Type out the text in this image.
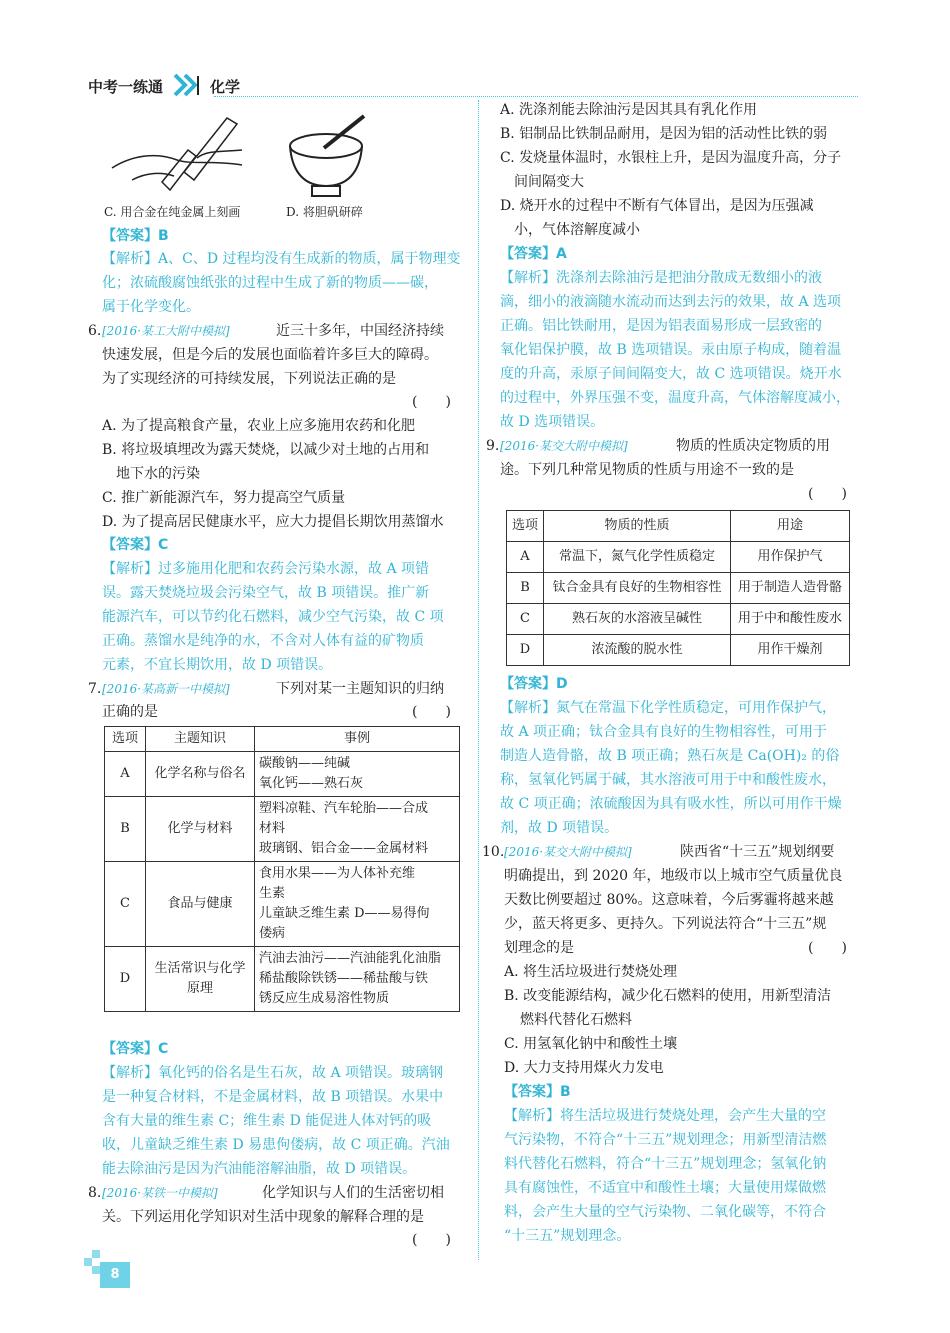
中考一练通	化学
C. 用合金在纯金属上刻画	D. 将胆矾研碎
【答案】B
【解析】A、C、D 过程均没有生成新的物质，属于物理变
化；浓硫酸腐蚀纸张的过程中生成了新的物质——碳，
属于化学变化。
6. [2016·某工大附中模拟]	近三十多年，中国经济持续
快速发展，但是今后的发展也面临着许多巨大的障碍。
为了实现经济的可持续发展，下列说法正确的是
(　　)
A. 为了提高粮食产量，农业上应多施用农药和化肥
B. 将垃圾填埋改为露天焚烧，以减少对土地的占用和
地下水的污染
C. 推广新能源汽车，努力提高空气质量
D. 为了提高居民健康水平，应大力提倡长期饮用蒸馏水
【答案】C
【解析】过多施用化肥和农药会污染水源，故 A 项错
误。露天焚烧垃圾会污染空气，故 B 项错误。推广新
能源汽车，可以节约化石燃料，减少空气污染，故 C 项
正确。蒸馏水是纯净的水，不含对人体有益的矿物质
元素，不宜长期饮用，故 D 项错误。
7. [2016·某高新一中模拟]	下列对某一主题知识的归纳
正确的是	(　　)
选项	主题知识	事例
A	化学名称与俗名	碳酸钠——纯碱
氧化钙——熟石灰

B	化学与材料	塑料凉鞋、汽车轮胎——合成
材料
玻璃钢、铝合金——金属材料

C	食品与健康	食用水果——为人体补充维
生素
儿童缺乏维生素 D——易得佝
偻病

D	生活常识与化学原理	汽油去油污——汽油能乳化油脂
稀盐酸除铁锈——稀盐酸与铁
锈反应生成易溶性物质
【答案】C
【解析】氧化钙的俗名是生石灰，故 A 项错误。玻璃钢
是一种复合材料，不是金属材料，故 B 项错误。水果中
含有大量的维生素 C；维生素 D 能促进人体对钙的吸
收，儿童缺乏维生素 D 易患佝偻病，故 C 项正确。汽油
能去除油污是因为汽油能溶解油脂，故 D 项错误。
8. [2016·某铁一中模拟]	化学知识与人们的生活密切相
关。下列运用化学知识对生活中现象的解释合理的是
(　　)
A. 洗涤剂能去除油污是因其具有乳化作用
B. 铝制品比铁制品耐用，是因为铝的活动性比铁的弱
C. 发烧量体温时，水银柱上升，是因为温度升高，分子
间间隔变大
D. 烧开水的过程中不断有气体冒出，是因为压强减
小，气体溶解度减小
【答案】A
【解析】洗涤剂去除油污是把油分散成无数细小的液
滴，细小的液滴随水流动而达到去污的效果，故 A 选项
正确。铝比铁耐用，是因为铝表面易形成一层致密的
氧化铝保护膜，故 B 选项错误。汞由原子构成，随着温
度的升高，汞原子间间隔变大，故 C 选项错误。烧开水
的过程中，外界压强不变，温度升高，气体溶解度减小，
故 D 选项错误。
9. [2016·某交大附中模拟]	物质的性质决定物质的用
途。下列几种常见物质的性质与用途不一致的是
(　　)
选项	物质的性质	用途
A	常温下，氮气化学性质稳定	用作保护气
B	钛合金具有良好的生物相容性	用于制造人造骨骼
C	熟石灰的水溶液呈碱性	用于中和酸性废水
D	浓流酸的脱水性	用作干燥剂
【答案】D
【解析】氮气在常温下化学性质稳定，可用作保护气，
故 A 项正确；钛合金具有良好的生物相容性，可用于
制造人造骨骼，故 B 项正确；熟石灰是 Ca(OH)₂ 的俗
称，氢氧化钙属于碱，其水溶液可用于中和酸性废水，
故 C 项正确；浓硫酸因为具有吸水性，所以可用作干燥
剂，故 D 项错误。
10. [2016·某交大附中模拟]	陕西省“十三五”规划纲要
明确提出，到 2020 年，地级市以上城市空气质量优良
天数比例要超过 80%。这意味着，今后雾霾将越来越
少，蓝天将更多、更持久。下列说法符合“十三五”规
划理念的是	(　　)
A. 将生活垃圾进行焚烧处理
B. 改变能源结构，减少化石燃料的使用，用新型清洁
燃料代替化石燃料
C. 用氢氧化钠中和酸性土壤
D. 大力支持用煤火力发电
【答案】B
【解析】将生活垃圾进行焚烧处理，会产生大量的空
气污染物，不符合“十三五”规划理念；用新型清洁燃
料代替化石燃料，符合“十三五”规划理念；氢氧化钠
具有腐蚀性，不适宜中和酸性土壤；大量使用煤做燃
料，会产生大量的空气污染物、二氧化碳等，不符合
“十三五”规划理念。
8
